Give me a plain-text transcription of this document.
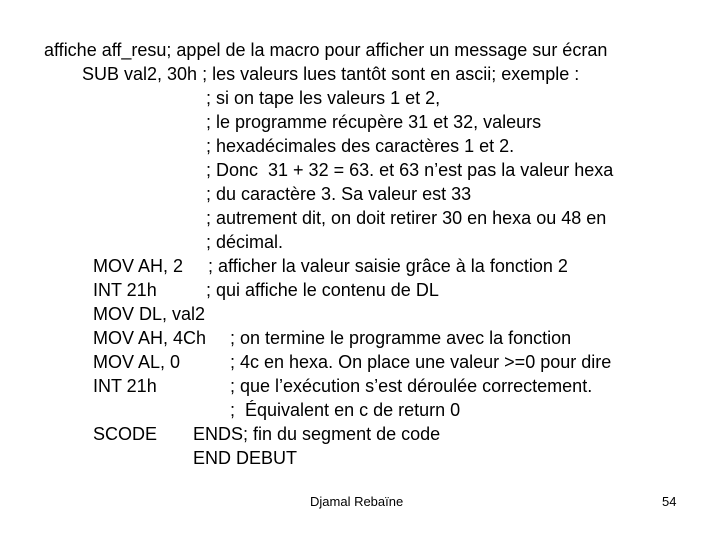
affiche aff_resu; appel de la macro pour afficher un message sur écran
SUB val2, 30h ; les valeurs lues tantôt sont en ascii; exemple :
; si on tape les valeurs 1 et 2,
; le programme récupère 31 et 32, valeurs
; hexadécimales des caractères 1 et 2.
; Donc  31 + 32 = 63. et 63 n’est pas la valeur hexa
; du caractère 3. Sa valeur est 33
; autrement dit, on doit retirer 30 en hexa ou 48 en
; décimal.
MOV AH, 2 ; afficher la valeur saisie grâce à la fonction 2
INT 21h	; qui affiche le contenu de DL
MOV DL, val2
MOV AH, 4Ch ; on termine le programme avec la fonction
MOV AL, 0	; 4c en hexa. On place une valeur >=0 pour dire
INT 21h	; que l’exécution s’est déroulée correctement.
;  Équivalent en c de return 0
SCODE ENDS; fin du segment de code
END DEBUT
Djamal Rebaïne	54
